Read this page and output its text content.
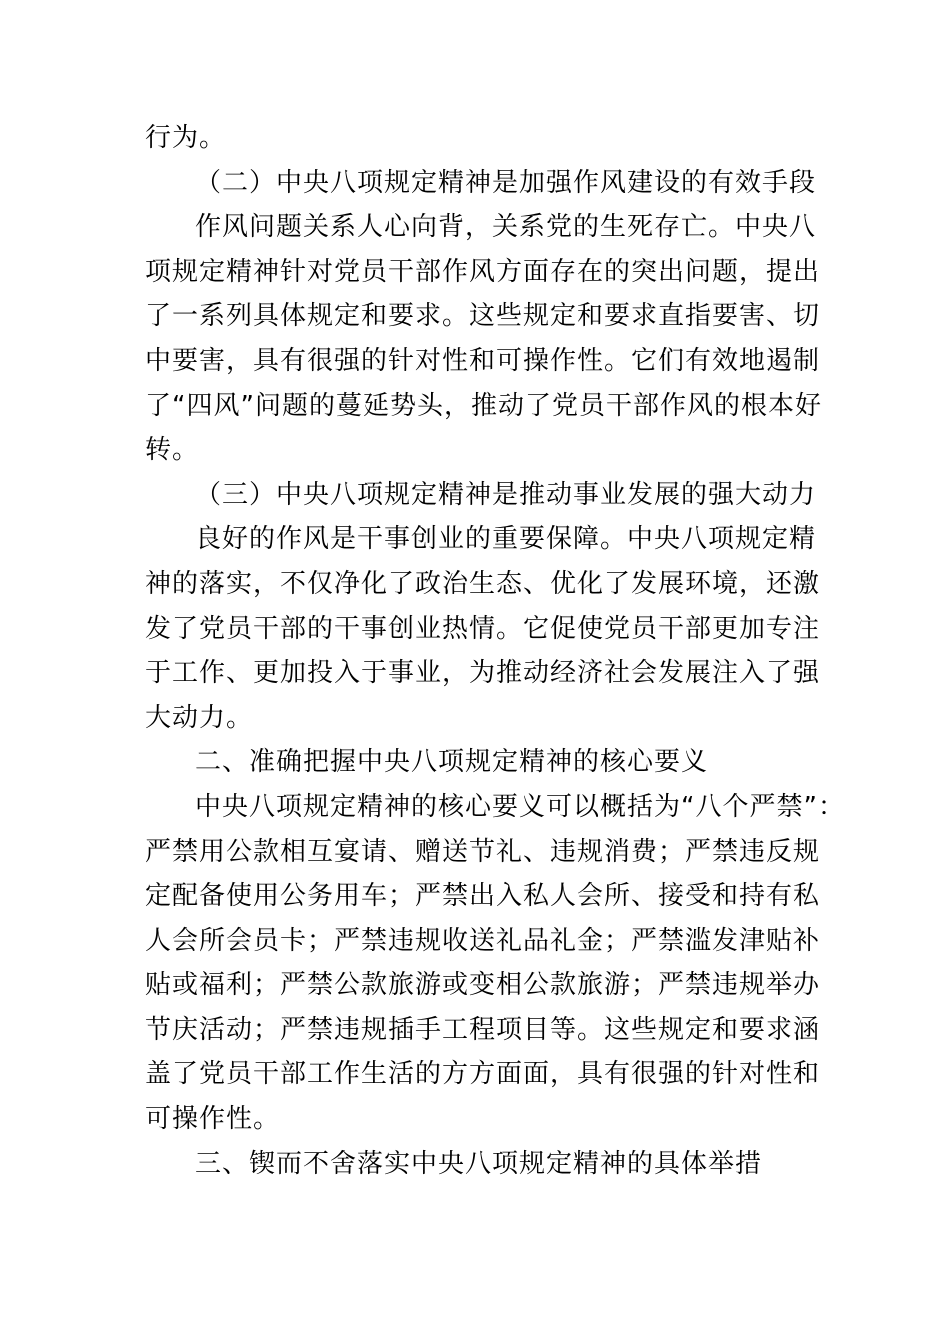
行为。
（二）中央八项规定精神是加强作风建设的有效手段
作风问题关系人心向背，关系党的生死存亡。中央八
项规定精神针对党员干部作风方面存在的突出问题，提出
了一系列具体规定和要求。这些规定和要求直指要害、切
中要害，具有很强的针对性和可操作性。它们有效地遏制
了“四风”问题的蔓延势头，推动了党员干部作风的根本好
转。
（三）中央八项规定精神是推动事业发展的强大动力
良好的作风是干事创业的重要保障。中央八项规定精
神的落实，不仅净化了政治生态、优化了发展环境，还激
发了党员干部的干事创业热情。它促使党员干部更加专注
于工作、更加投入于事业，为推动经济社会发展注入了强
大动力。
二、准确把握中央八项规定精神的核心要义
中央八项规定精神的核心要义可以概括为“八个严禁”：
严禁用公款相互宴请、赠送节礼、违规消费；严禁违反规
定配备使用公务用车；严禁出入私人会所、接受和持有私
人会所会员卡；严禁违规收送礼品礼金；严禁滥发津贴补
贴或福利；严禁公款旅游或变相公款旅游；严禁违规举办
节庆活动；严禁违规插手工程项目等。这些规定和要求涵
盖了党员干部工作生活的方方面面，具有很强的针对性和
可操作性。
三、锲而不舍落实中央八项规定精神的具体举措
